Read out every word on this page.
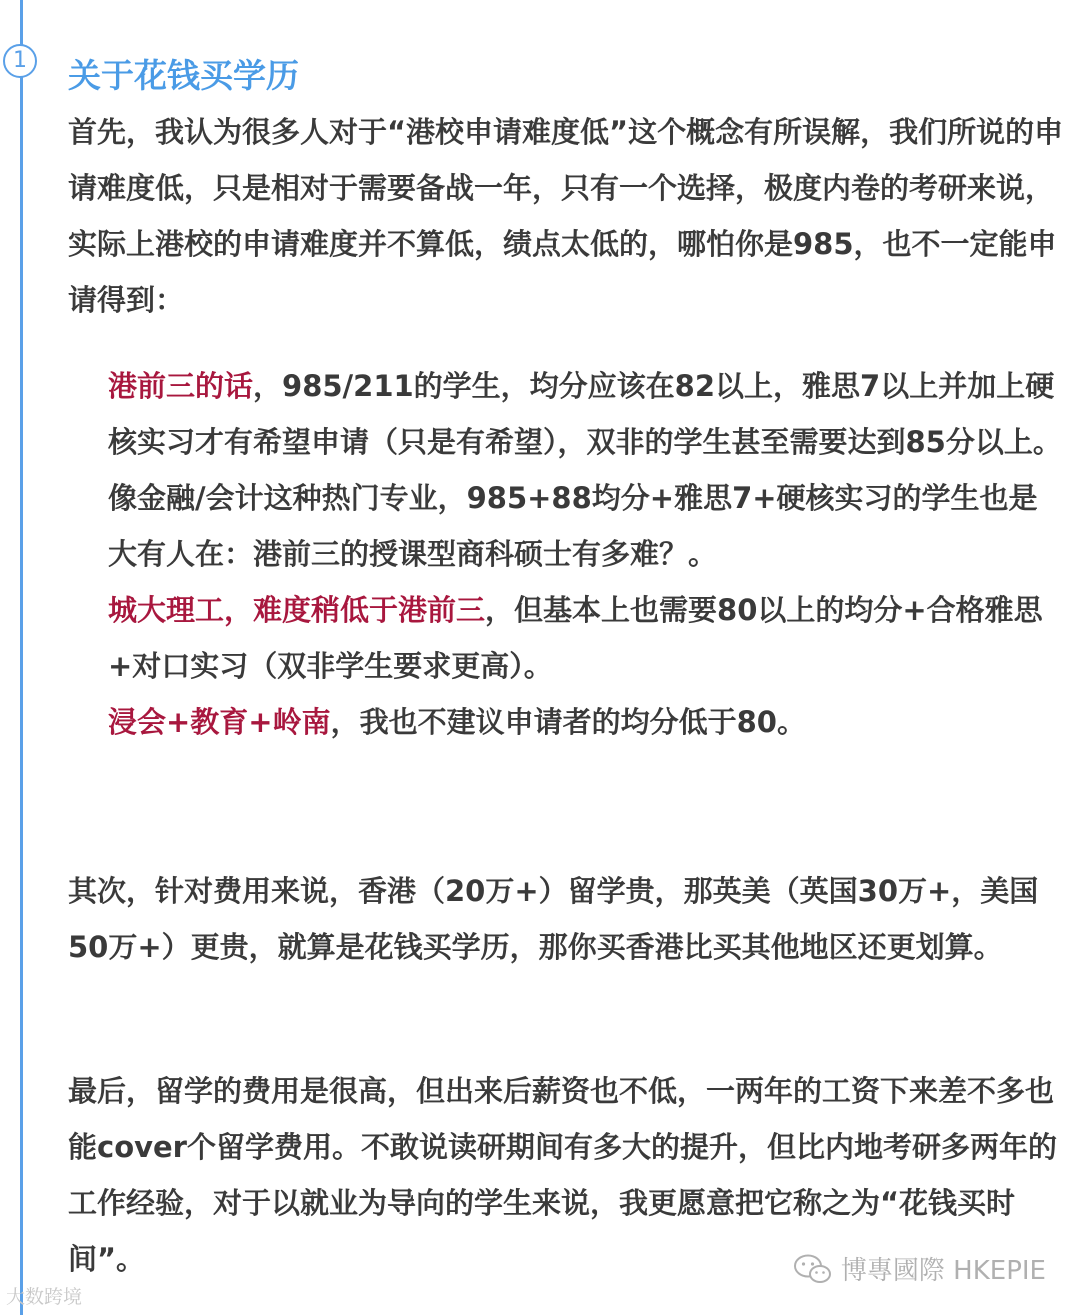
1	关于花钱买学历

首先，我认为很多人对于“港校申请难度低”这个概念有所误解，我们所说的申请难度低，只是相对于需要备战一年，只有一个选择，极度内卷的考研来说，实际上港校的申请难度并不算低，绩点太低的，哪怕你是985，也不一定能申请得到：

港前三的话，985/211的学生，均分应该在82以上，雅思7以上并加上硬核实习才有希望申请（只是有希望），双非的学生甚至需要达到85分以上。像金融/会计这种热门专业，985+88均分+雅思7+硬核实习的学生也是大有人在：港前三的授课型商科硕士有多难？。

城大理工，难度稍低于港前三，但基本上也需要80以上的均分+合格雅思+对口实习（双非学生要求更高）。

浸会+教育+岭南，我也不建议申请者的均分低于80。

其次，针对费用来说，香港（20万+）留学贵，那英美（英国30万+，美国50万+）更贵，就算是花钱买学历，那你买香港比买其他地区还更划算。

最后，留学的费用是很高，但出来后薪资也不低，一两年的工资下来差不多也能cover个留学费用。不敢说读研期间有多大的提升，但比内地考研多两年的工作经验，对于以就业为导向的学生来说，我更愿意把它称之为“花钱买时间”。

大数跨境
博專國際 HKEPIE
